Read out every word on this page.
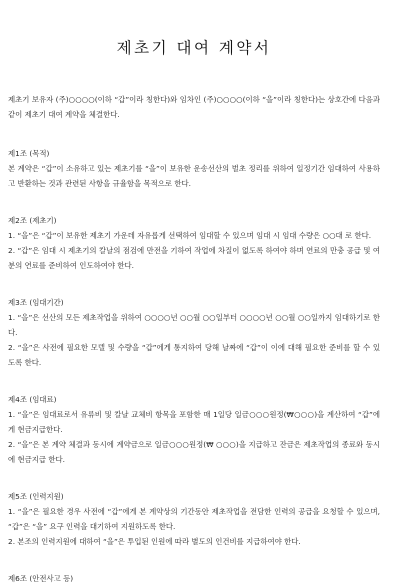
제초기 대여 계약서

제초기 보유자 (주)○○○○(이하 “갑”이라 칭한다)와 임차인 (주)○○○○(이하 “을”이라 칭한다)는 상호간에 다음과 같이 제초기 대여 계약을 체결한다.

제1조 (목적)

본 계약은 “갑”이 소유하고 있는 제초기를 “을”이 보유한 운송선산의 벌초 정리를 위하여 일정기간 임대하여 사용하고 반환하는 것과 관련된 사항을 규율함을 목적으로 한다.

제2조 (제초기)

1. “을”은 “갑”이 보유한 제초기 가운데 자유롭게 선택하여 임대할 수 있으며 임대 시 임대 수량은 ○○대 로 한다.

2. “갑”은 임대 시 제초기의 칼날의 점검에 만전을 기하여 작업에 차질이 없도록 하여야 하며 연료의 만충 공급 및 여분의 연료를 준비하여 인도하여야 한다.

제3조 (임대기간)

1. “을”은 선산의 모든 제초작업을 위하여 ○○○○년 ○○월 ○○일부터 ○○○○년 ○○월 ○○일까지 임대하기로 한다.

2. “을”은 사전에 필요한 모델 및 수량을 “갑”에게 통지하여 당해 날짜에 “갑”이 이에 대해 필요한 준비를 할 수 있도록 한다.

제4조 (임대료)

1. “을”은 임대료로서 유류비 및 칼날 교체비 항목을 포함한 매 1일당 일금○○○원정(₩○○○)을 계산하여 “갑”에게 현금지급한다.

2. “을”은 본 계약 체결과 동시에 계약금으로 일금○○○원정(₩ ○○○)을 지급하고 잔금은 제초작업의 종료와 동시에 현금지급 한다.

제5조 (인력지원)

1. “을”은 필요한 경우 사전에 “갑”에게 본 계약상의 기간동안 제초작업을 전담한 인력의 공급을 요청할 수 있으며, “갑”은 “을” 요구 인력을 대기하여 지원하도록 한다.

2. 본조의 인력지원에 대하여 “을”은 투입된 인원에 따라 별도의 인건비를 지급하여야 한다.

제6조 (안전사고 등)
